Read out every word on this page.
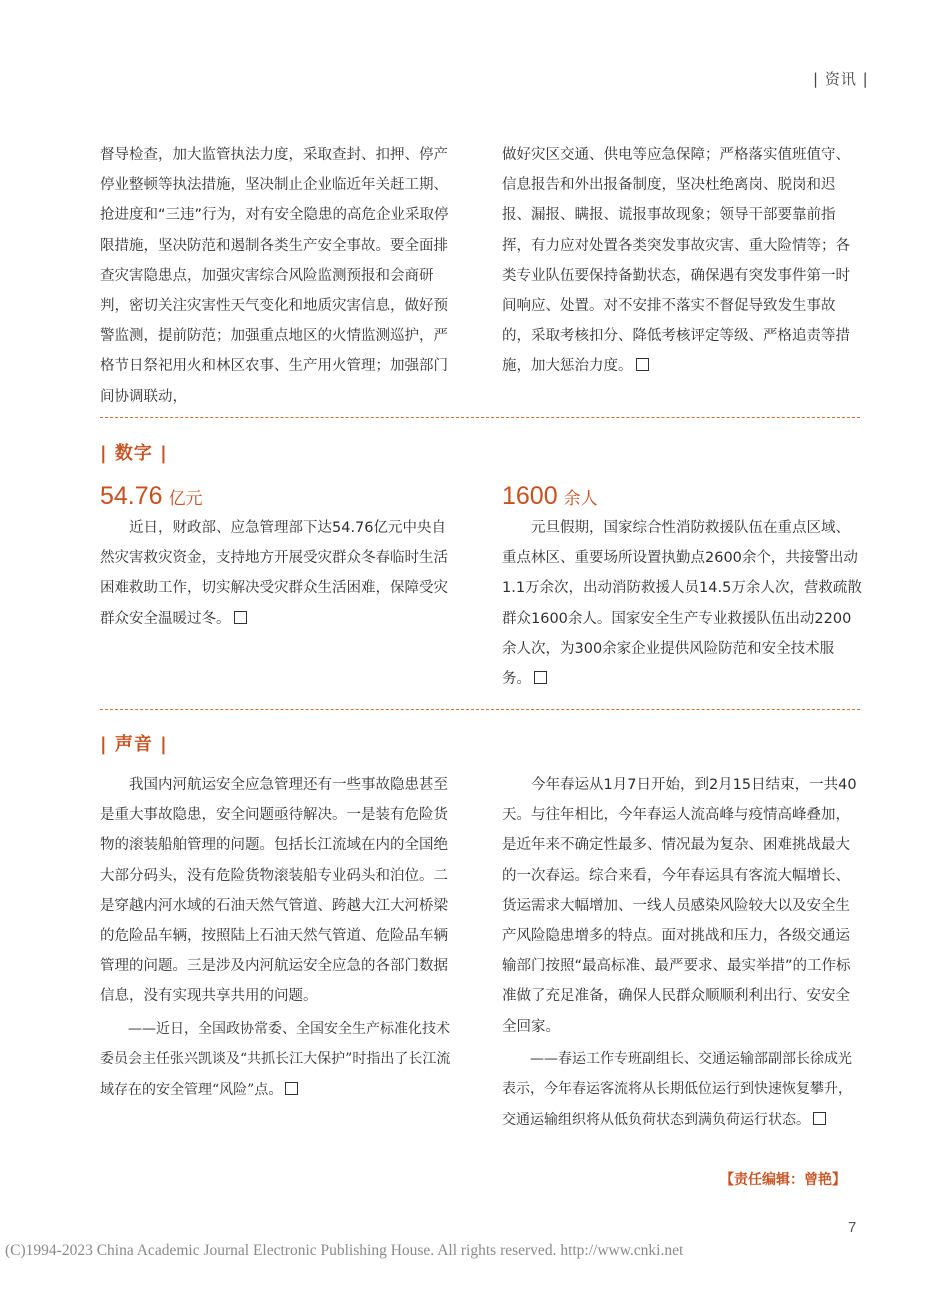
| 资讯 |

督导检查，加大监管执法力度，采取查封、扣押、停产停业整顿等执法措施，坚决制止企业临近年关赶工期、抢进度和“三违”行为，对有安全隐患的高危企业采取停限措施，坚决防范和遏制各类生产安全事故。要全面排查灾害隐患点，加强灾害综合风险监测预报和会商研判，密切关注灾害性天气变化和地质灾害信息，做好预警监测，提前防范；加强重点地区的火情监测巡护，严格节日祭祀用火和林区农事、生产用火管理；加强部门间协调联动，

做好灾区交通、供电等应急保障；严格落实值班值守、信息报告和外出报备制度，坚决杜绝离岗、脱岗和迟报、漏报、瞒报、谎报事故现象；领导干部要靠前指挥，有力应对处置各类突发事故灾害、重大险情等；各类专业队伍要保持备勤状态，确保遇有突发事件第一时间响应、处置。对不安排不落实不督促导致发生事故的，采取考核扣分、降低考核评定等级、严格追责等措施，加大惩治力度。

| 数字 |
54.76 亿元

近日，财政部、应急管理部下达54.76亿元中央自然灾害救灾资金，支持地方开展受灾群众冬春临时生活困难救助工作，切实解决受灾群众生活困难，保障受灾群众安全温暖过冬。

1600 余人

元旦假期，国家综合性消防救援队伍在重点区域、重点林区、重要场所设置执勤点2600余个，共接警出动1.1万余次，出动消防救援人员14.5万余人次，营救疏散群众1600余人。国家安全生产专业救援队伍出动2200余人次，为300余家企业提供风险防范和安全技术服务。

| 声音 |

我国内河航运安全应急管理还有一些事故隐患甚至是重大事故隐患，安全问题亟待解决。一是装有危险货物的滚装船舶管理的问题。包括长江流域在内的全国绝大部分码头，没有危险货物滚装船专业码头和泊位。二是穿越内河水域的石油天然气管道、跨越大江大河桥梁的危险品车辆，按照陆上石油天然气管道、危险品车辆管理的问题。三是涉及内河航运安全应急的各部门数据信息，没有实现共享共用的问题。

——近日，全国政协常委、全国安全生产标准化技术委员会主任张兴凯谈及“共抓长江大保护”时指出了长江流域存在的安全管理“风险”点。

今年春运从1月7日开始，到2月15日结束，一共40天。与往年相比，今年春运人流高峰与疫情高峰叠加，是近年来不确定性最多、情况最为复杂、困难挑战最大的一次春运。综合来看，今年春运具有客流大幅增长、货运需求大幅增加、一线人员感染风险较大以及安全生产风险隐患增多的特点。面对挑战和压力，各级交通运输部门按照“最高标准、最严要求、最实举措”的工作标准做了充足准备，确保人民群众顺顺利利出行、安安全全回家。

——春运工作专班副组长、交通运输部副部长徐成光表示，今年春运客流将从长期低位运行到快速恢复攀升，交通运输组织将从低负荷状态到满负荷运行状态。

【责任编辑：曾艳】
7
(C)1994-2023 China Academic Journal Electronic Publishing House. All rights reserved. http://www.cnki.net
